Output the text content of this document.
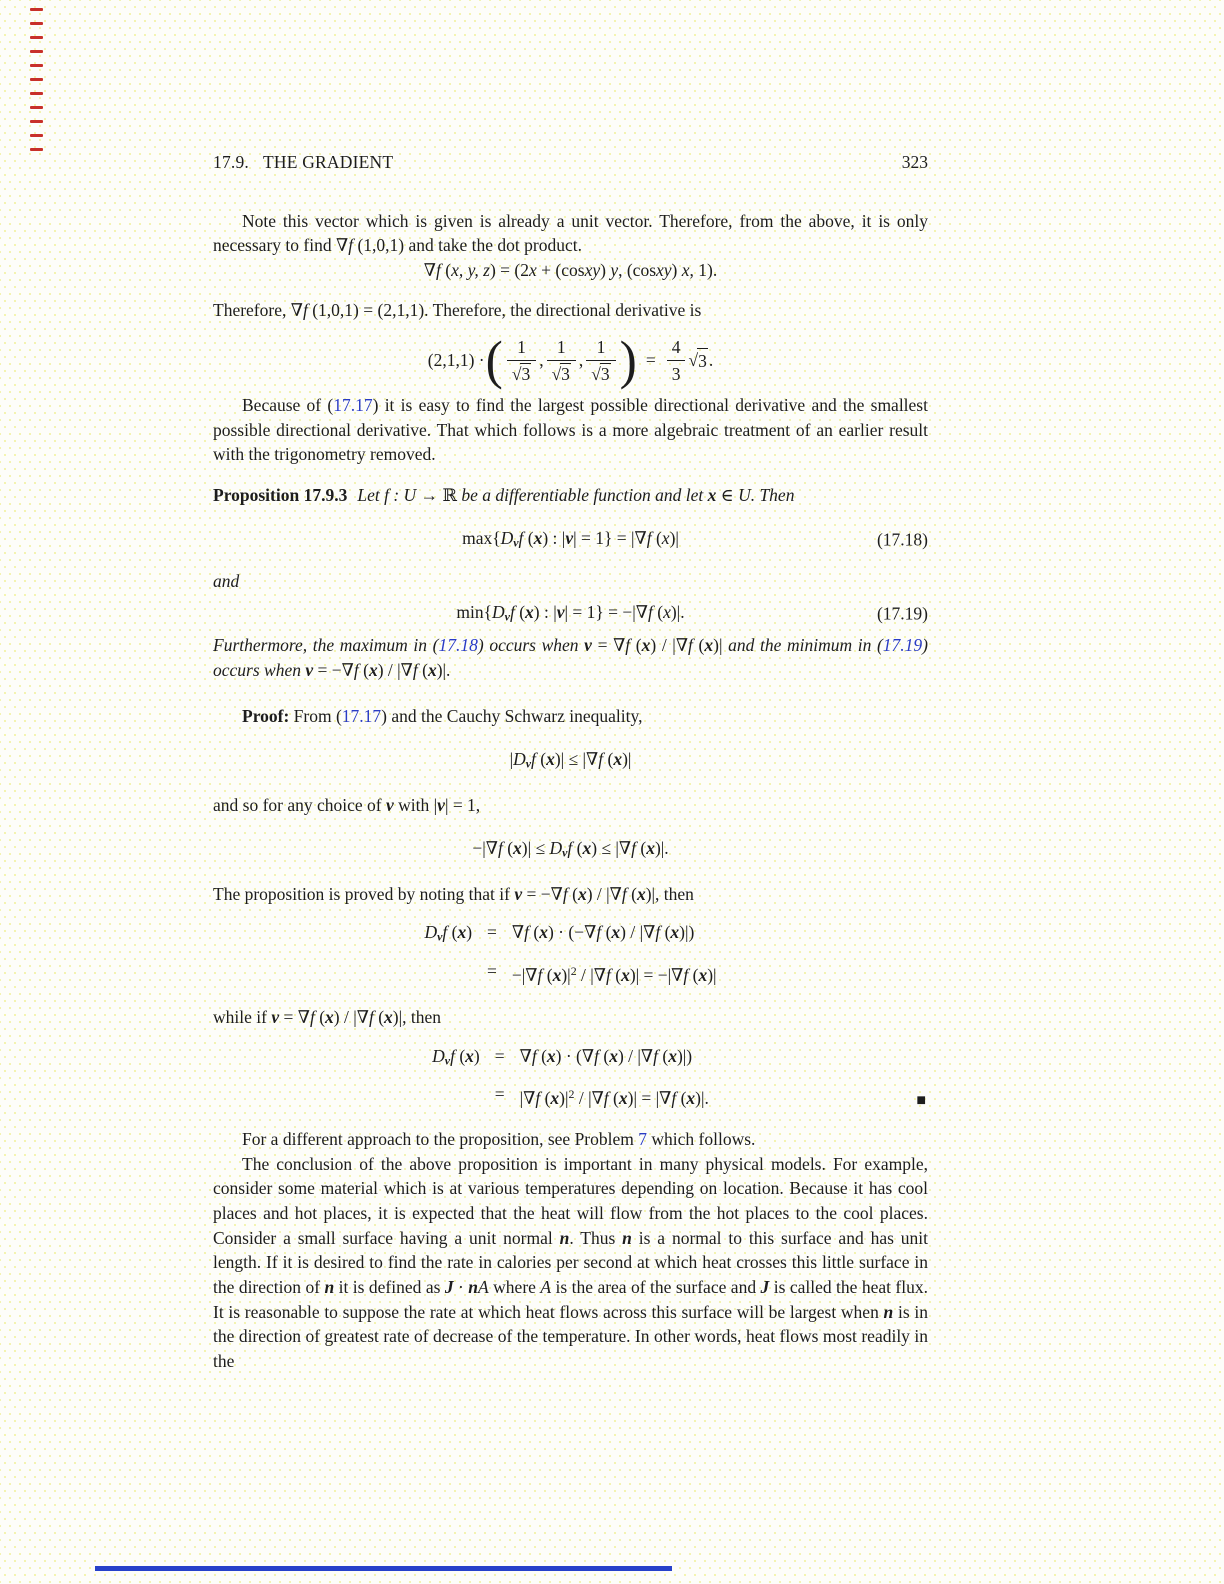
17.9. THE GRADIENT	323

Note this vector which is given is already a unit vector. Therefore, from the above, it is only necessary to find ∇f (1,0,1) and take the dot product.

∇f (x, y, z) = (2x + (cosxy) y, (cosxy) x, 1).

Therefore, ∇f (1,0,1) = (2,1,1). Therefore, the directional derivative is

(2,1,1) · ( $\frac{1}{√3}$ , $\frac{1}{√3}$ , $\frac{1}{√3}$ ) = $\frac{4}{3}$ √ 3 .

Because of (17.17) it is easy to find the largest possible directional derivative and the smallest possible directional derivative. That which follows is a more algebraic treatment of an earlier result with the trigonometry removed.

Proposition 17.9.3 Let f : U → ℝ be a differentiable function and let x ∈ U. Then

max{Dvf (x) : |v| = 1} = |∇f (x)|	(17.18)

and

min{Dvf (x) : |v| = 1} = −|∇f (x)|.	(17.19)

Furthermore, the maximum in (17.18) occurs when v = ∇f (x) / |∇f (x)| and the minimum in (17.19) occurs when v = −∇f (x) / |∇f (x)|.

Proof: From (17.17) and the Cauchy Schwarz inequality,

|Dvf (x)| ≤ |∇f (x)|

and so for any choice of v with |v| = 1,

−|∇f (x)| ≤ Dvf (x) ≤ |∇f (x)|.

The proposition is proved by noting that if v = −∇f (x) / |∇f (x)|, then

Dvf (x) = ∇f (x) · (−∇f (x) / |∇f (x)|)
= −|∇f $(x)|^2 / |\nabla f$ (x)| = −|∇f (x)|

while if v = ∇f (x) / |∇f (x)|, then

Dvf (x) = ∇f (x) · (∇f (x) / |∇f (x)|)
= |∇f $(x)|^2 / |\nabla f$ (x)| = |∇f (x)|.	■

For a different approach to the proposition, see Problem 7 which follows.

The conclusion of the above proposition is important in many physical models. For example, consider some material which is at various temperatures depending on location. Because it has cool places and hot places, it is expected that the heat will flow from the hot places to the cool places. Consider a small surface having a unit normal n. Thus n is a normal to this surface and has unit length. If it is desired to find the rate in calories per second at which heat crosses this little surface in the direction of n it is defined as J · nA where A is the area of the surface and J is called the heat flux. It is reasonable to suppose the rate at which heat flows across this surface will be largest when n is in the direction of greatest rate of decrease of the temperature. In other words, heat flows most readily in the
